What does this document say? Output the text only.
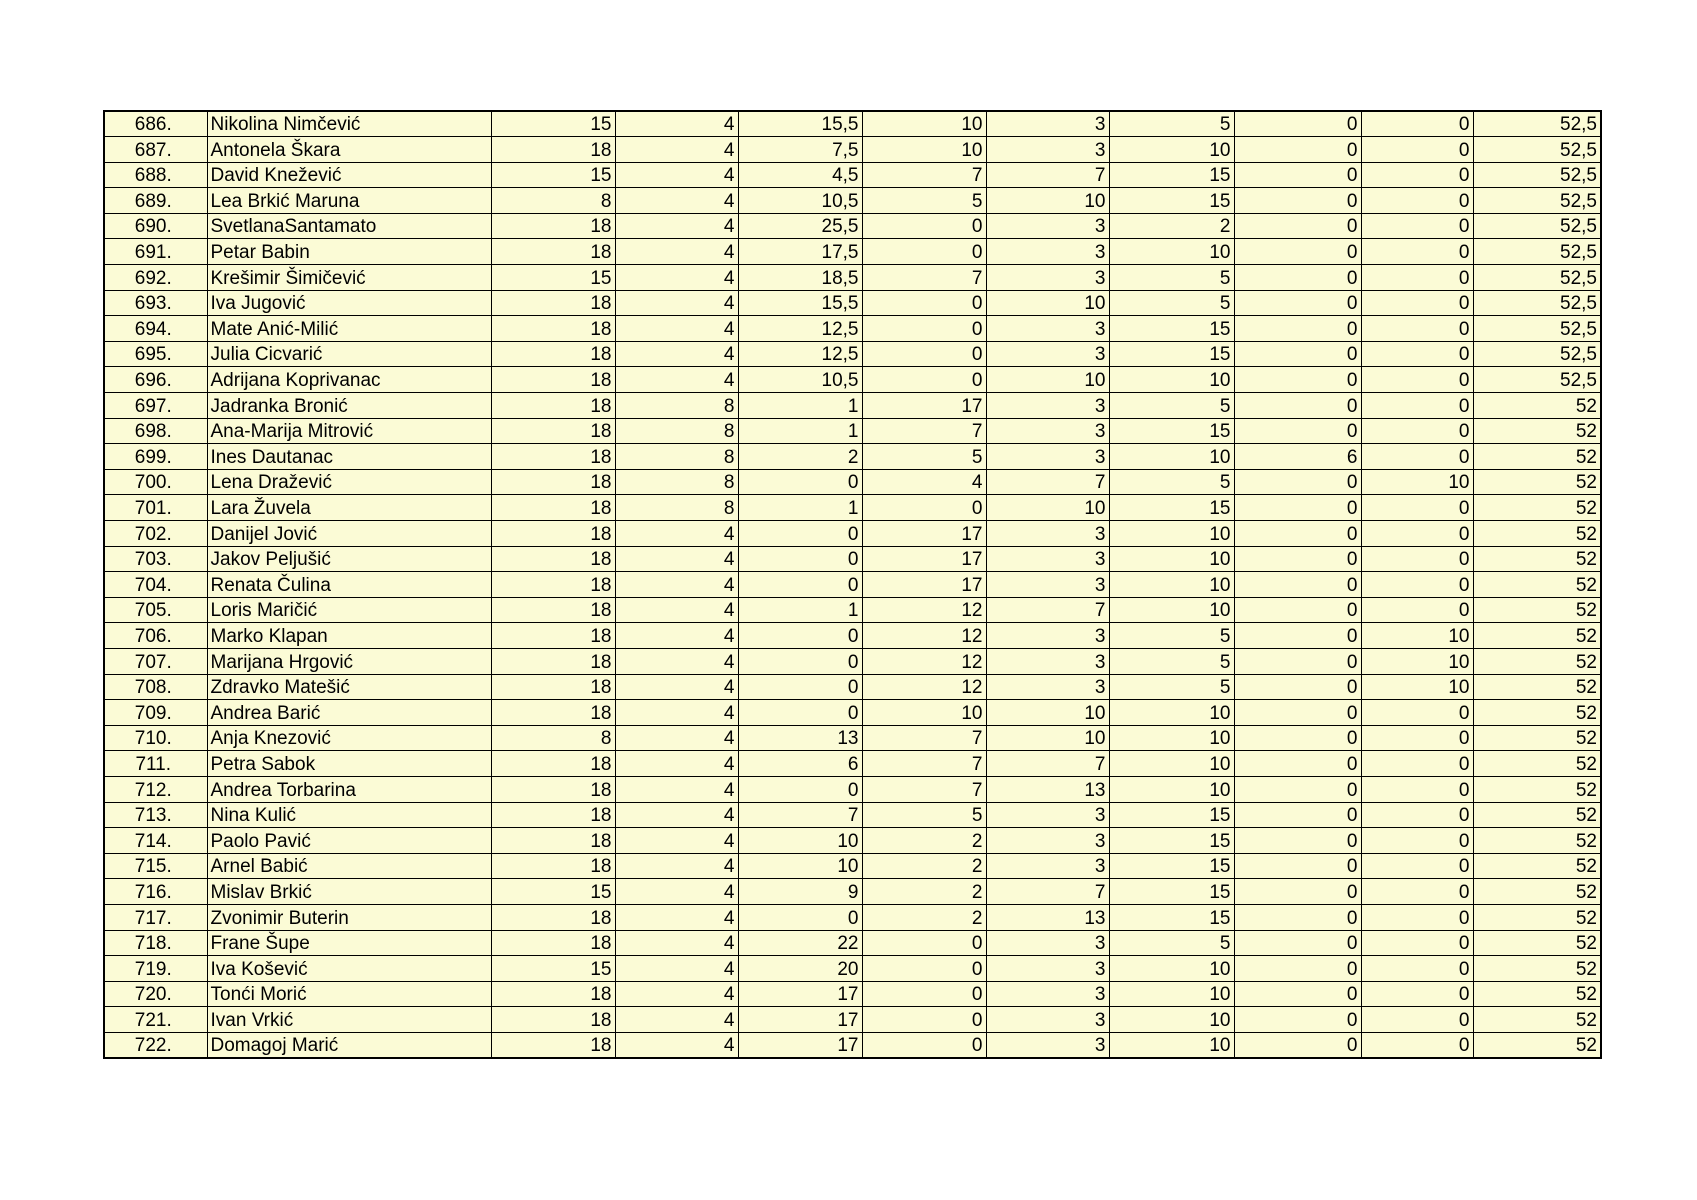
686.	Nikolina Nimčević	15	4	15,5	10	3	5	0	0	52,5
687.	Antonela Škara	18	4	7,5	10	3	10	0	0	52,5
688.	David Knežević	15	4	4,5	7	7	15	0	0	52,5
689.	Lea Brkić Maruna	8	4	10,5	5	10	15	0	0	52,5
690.	SvetlanaSantamato	18	4	25,5	0	3	2	0	0	52,5
691.	Petar Babin	18	4	17,5	0	3	10	0	0	52,5
692.	Krešimir Šimičević	15	4	18,5	7	3	5	0	0	52,5
693.	Iva Jugović	18	4	15,5	0	10	5	0	0	52,5
694.	Mate Anić-Milić	18	4	12,5	0	3	15	0	0	52,5
695.	Julia Cicvarić	18	4	12,5	0	3	15	0	0	52,5
696.	Adrijana Koprivanac	18	4	10,5	0	10	10	0	0	52,5
697.	Jadranka Bronić	18	8	1	17	3	5	0	0	52
698.	Ana-Marija Mitrović	18	8	1	7	3	15	0	0	52
699.	Ines Dautanac	18	8	2	5	3	10	6	0	52
700.	Lena Dražević	18	8	0	4	7	5	0	10	52
701.	Lara Žuvela	18	8	1	0	10	15	0	0	52
702.	Danijel Jović	18	4	0	17	3	10	0	0	52
703.	Jakov Peljušić	18	4	0	17	3	10	0	0	52
704.	Renata Čulina	18	4	0	17	3	10	0	0	52
705.	Loris Maričić	18	4	1	12	7	10	0	0	52
706.	Marko Klapan	18	4	0	12	3	5	0	10	52
707.	Marijana Hrgović	18	4	0	12	3	5	0	10	52
708.	Zdravko Matešić	18	4	0	12	3	5	0	10	52
709.	Andrea Barić	18	4	0	10	10	10	0	0	52
710.	Anja Knezović	8	4	13	7	10	10	0	0	52
711.	Petra Sabok	18	4	6	7	7	10	0	0	52
712.	Andrea Torbarina	18	4	0	7	13	10	0	0	52
713.	Nina Kulić	18	4	7	5	3	15	0	0	52
714.	Paolo Pavić	18	4	10	2	3	15	0	0	52
715.	Arnel Babić	18	4	10	2	3	15	0	0	52
716.	Mislav Brkić	15	4	9	2	7	15	0	0	52
717.	Zvonimir Buterin	18	4	0	2	13	15	0	0	52
718.	Frane Šupe	18	4	22	0	3	5	0	0	52
719.	Iva Košević	15	4	20	0	3	10	0	0	52
720.	Tonći Morić	18	4	17	0	3	10	0	0	52
721.	Ivan Vrkić	18	4	17	0	3	10	0	0	52
722.	Domagoj Marić	18	4	17	0	3	10	0	0	52
